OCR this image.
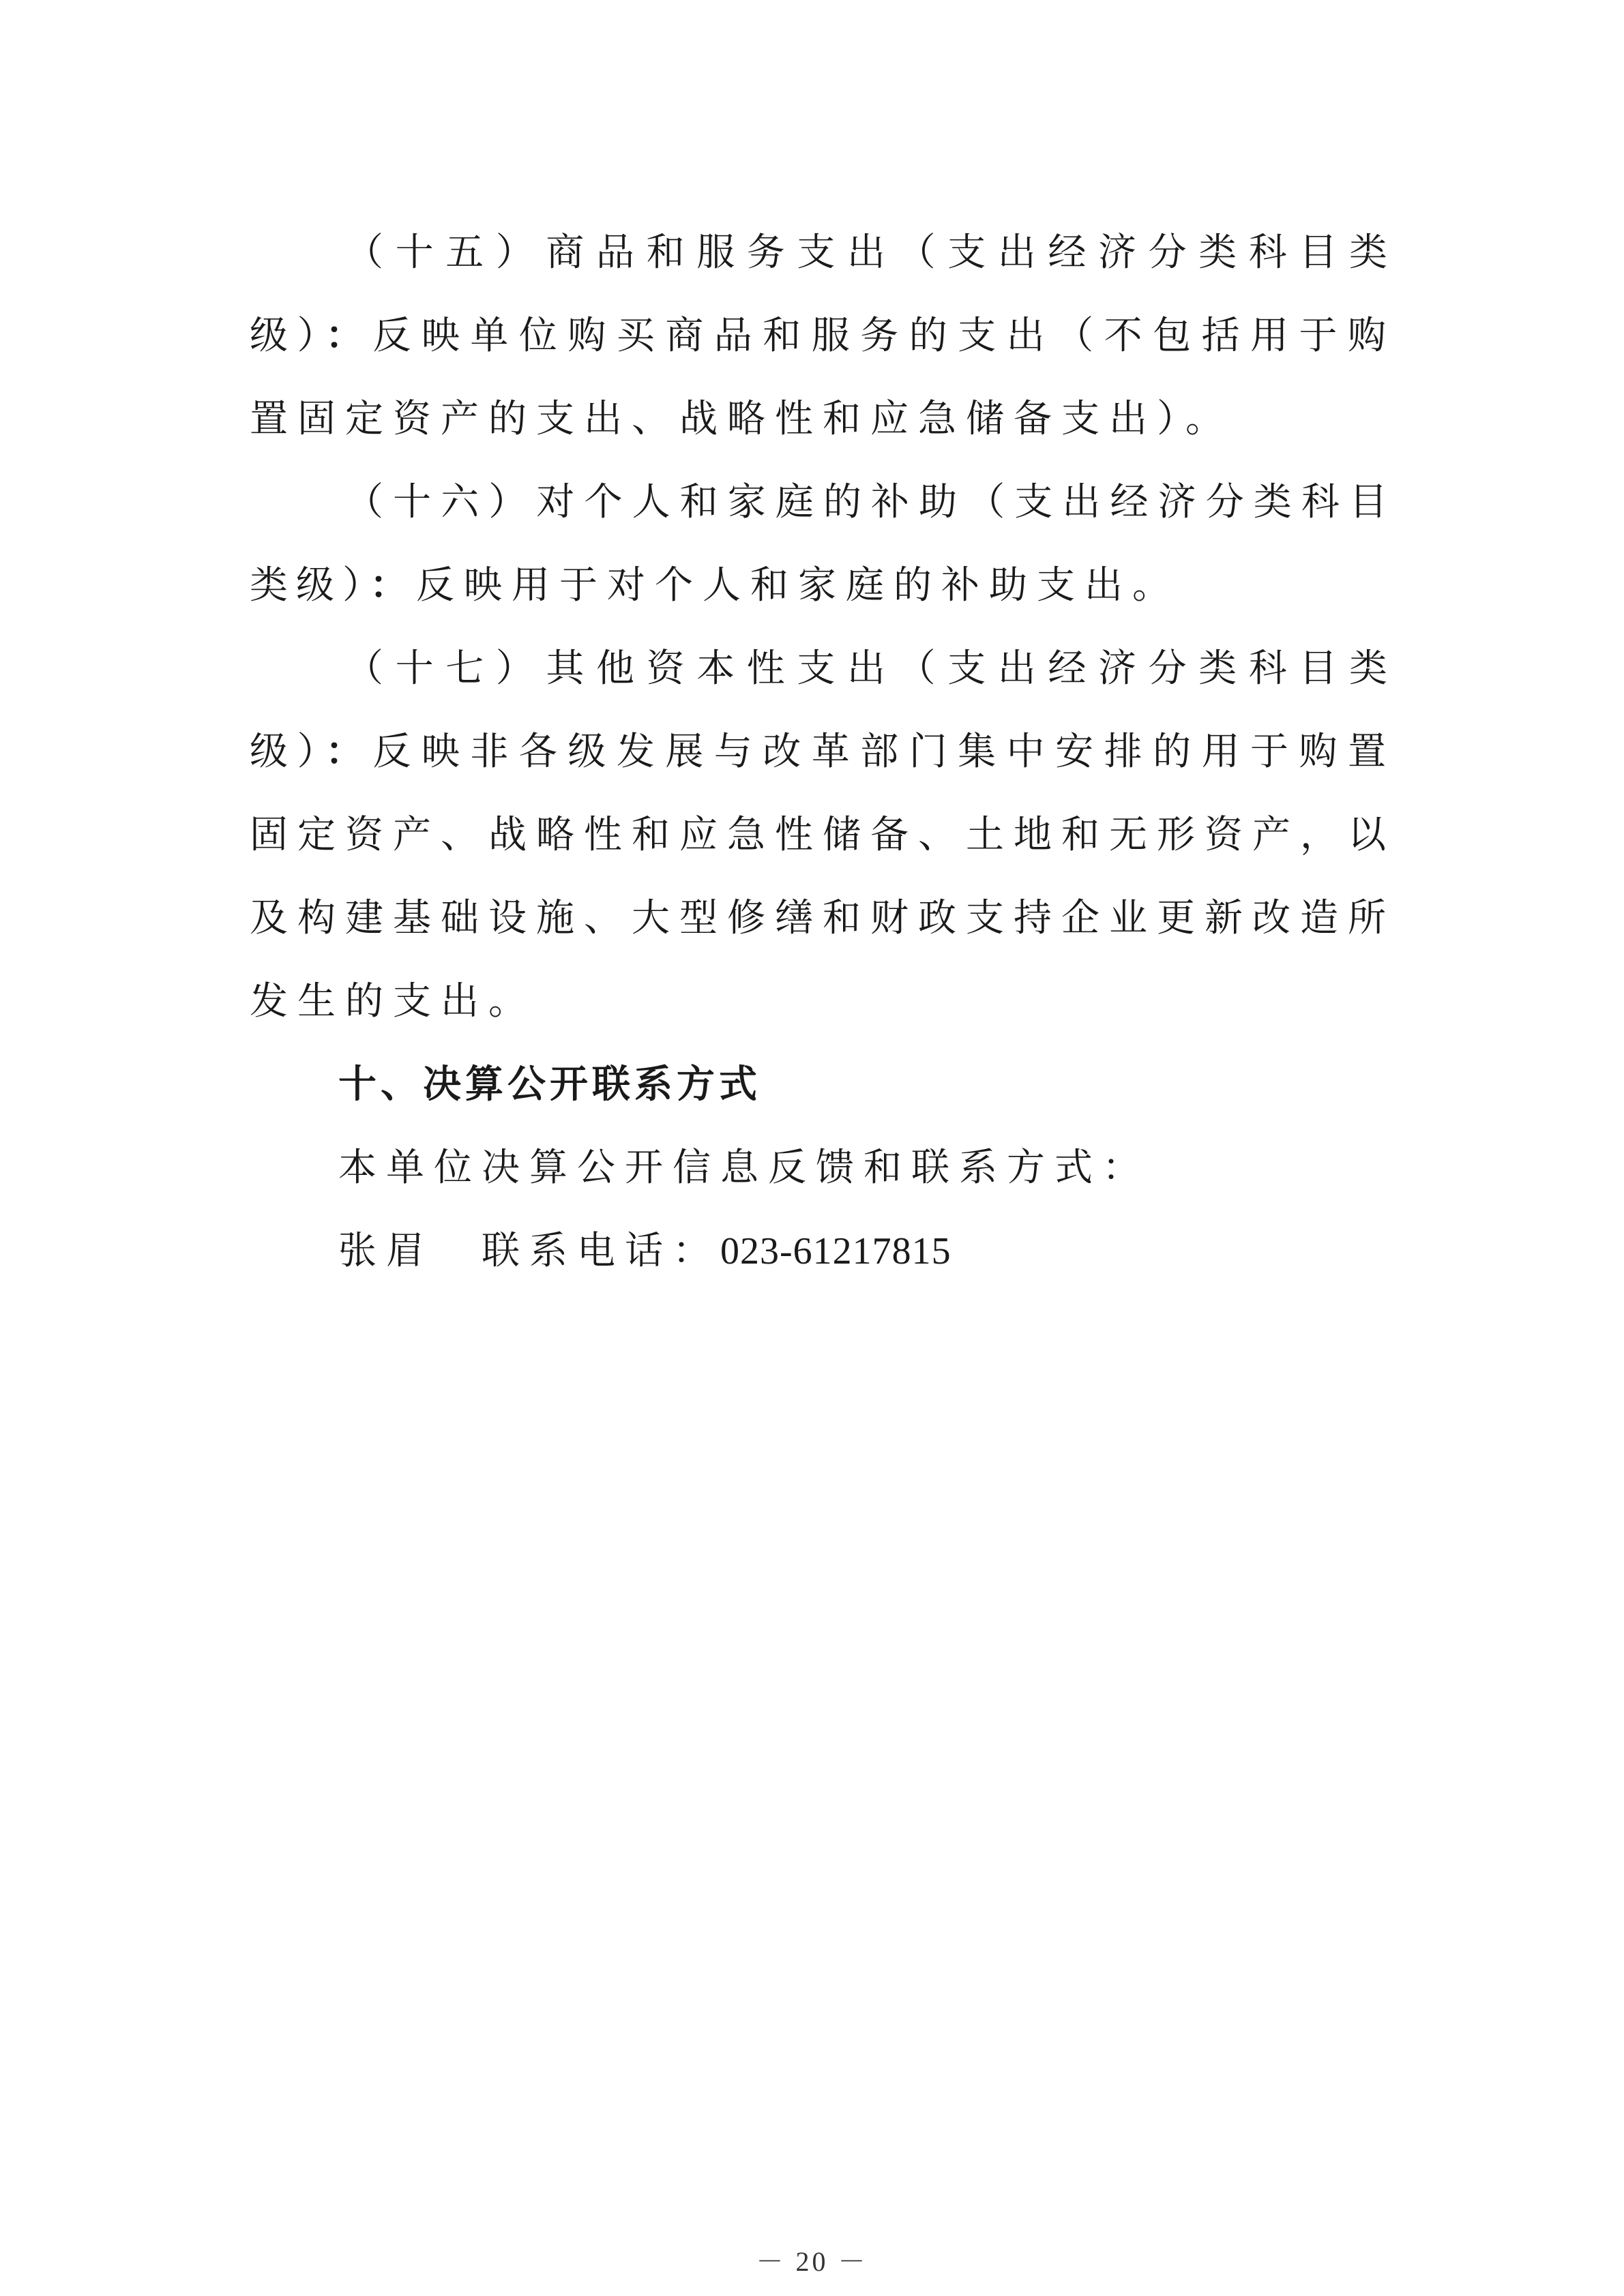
（十五）商品和服务支出（支出经济分类科目类级）：反映单位购买商品和服务的支出（不包括用于购置固定资产的支出、战略性和应急储备支出）。

（十六）对个人和家庭的补助（支出经济分类科目类级）：反映用于对个人和家庭的补助支出。

（十七）其他资本性支出（支出经济分类科目类级）：反映非各级发展与改革部门集中安排的用于购置固定资产、战略性和应急性储备、土地和无形资产，以及构建基础设施、大型修缮和财政支持企业更新改造所发生的支出。

十、决算公开联系方式

本单位决算公开信息反馈和联系方式：

张眉 联系电话：023-61217815

－ 20 －
